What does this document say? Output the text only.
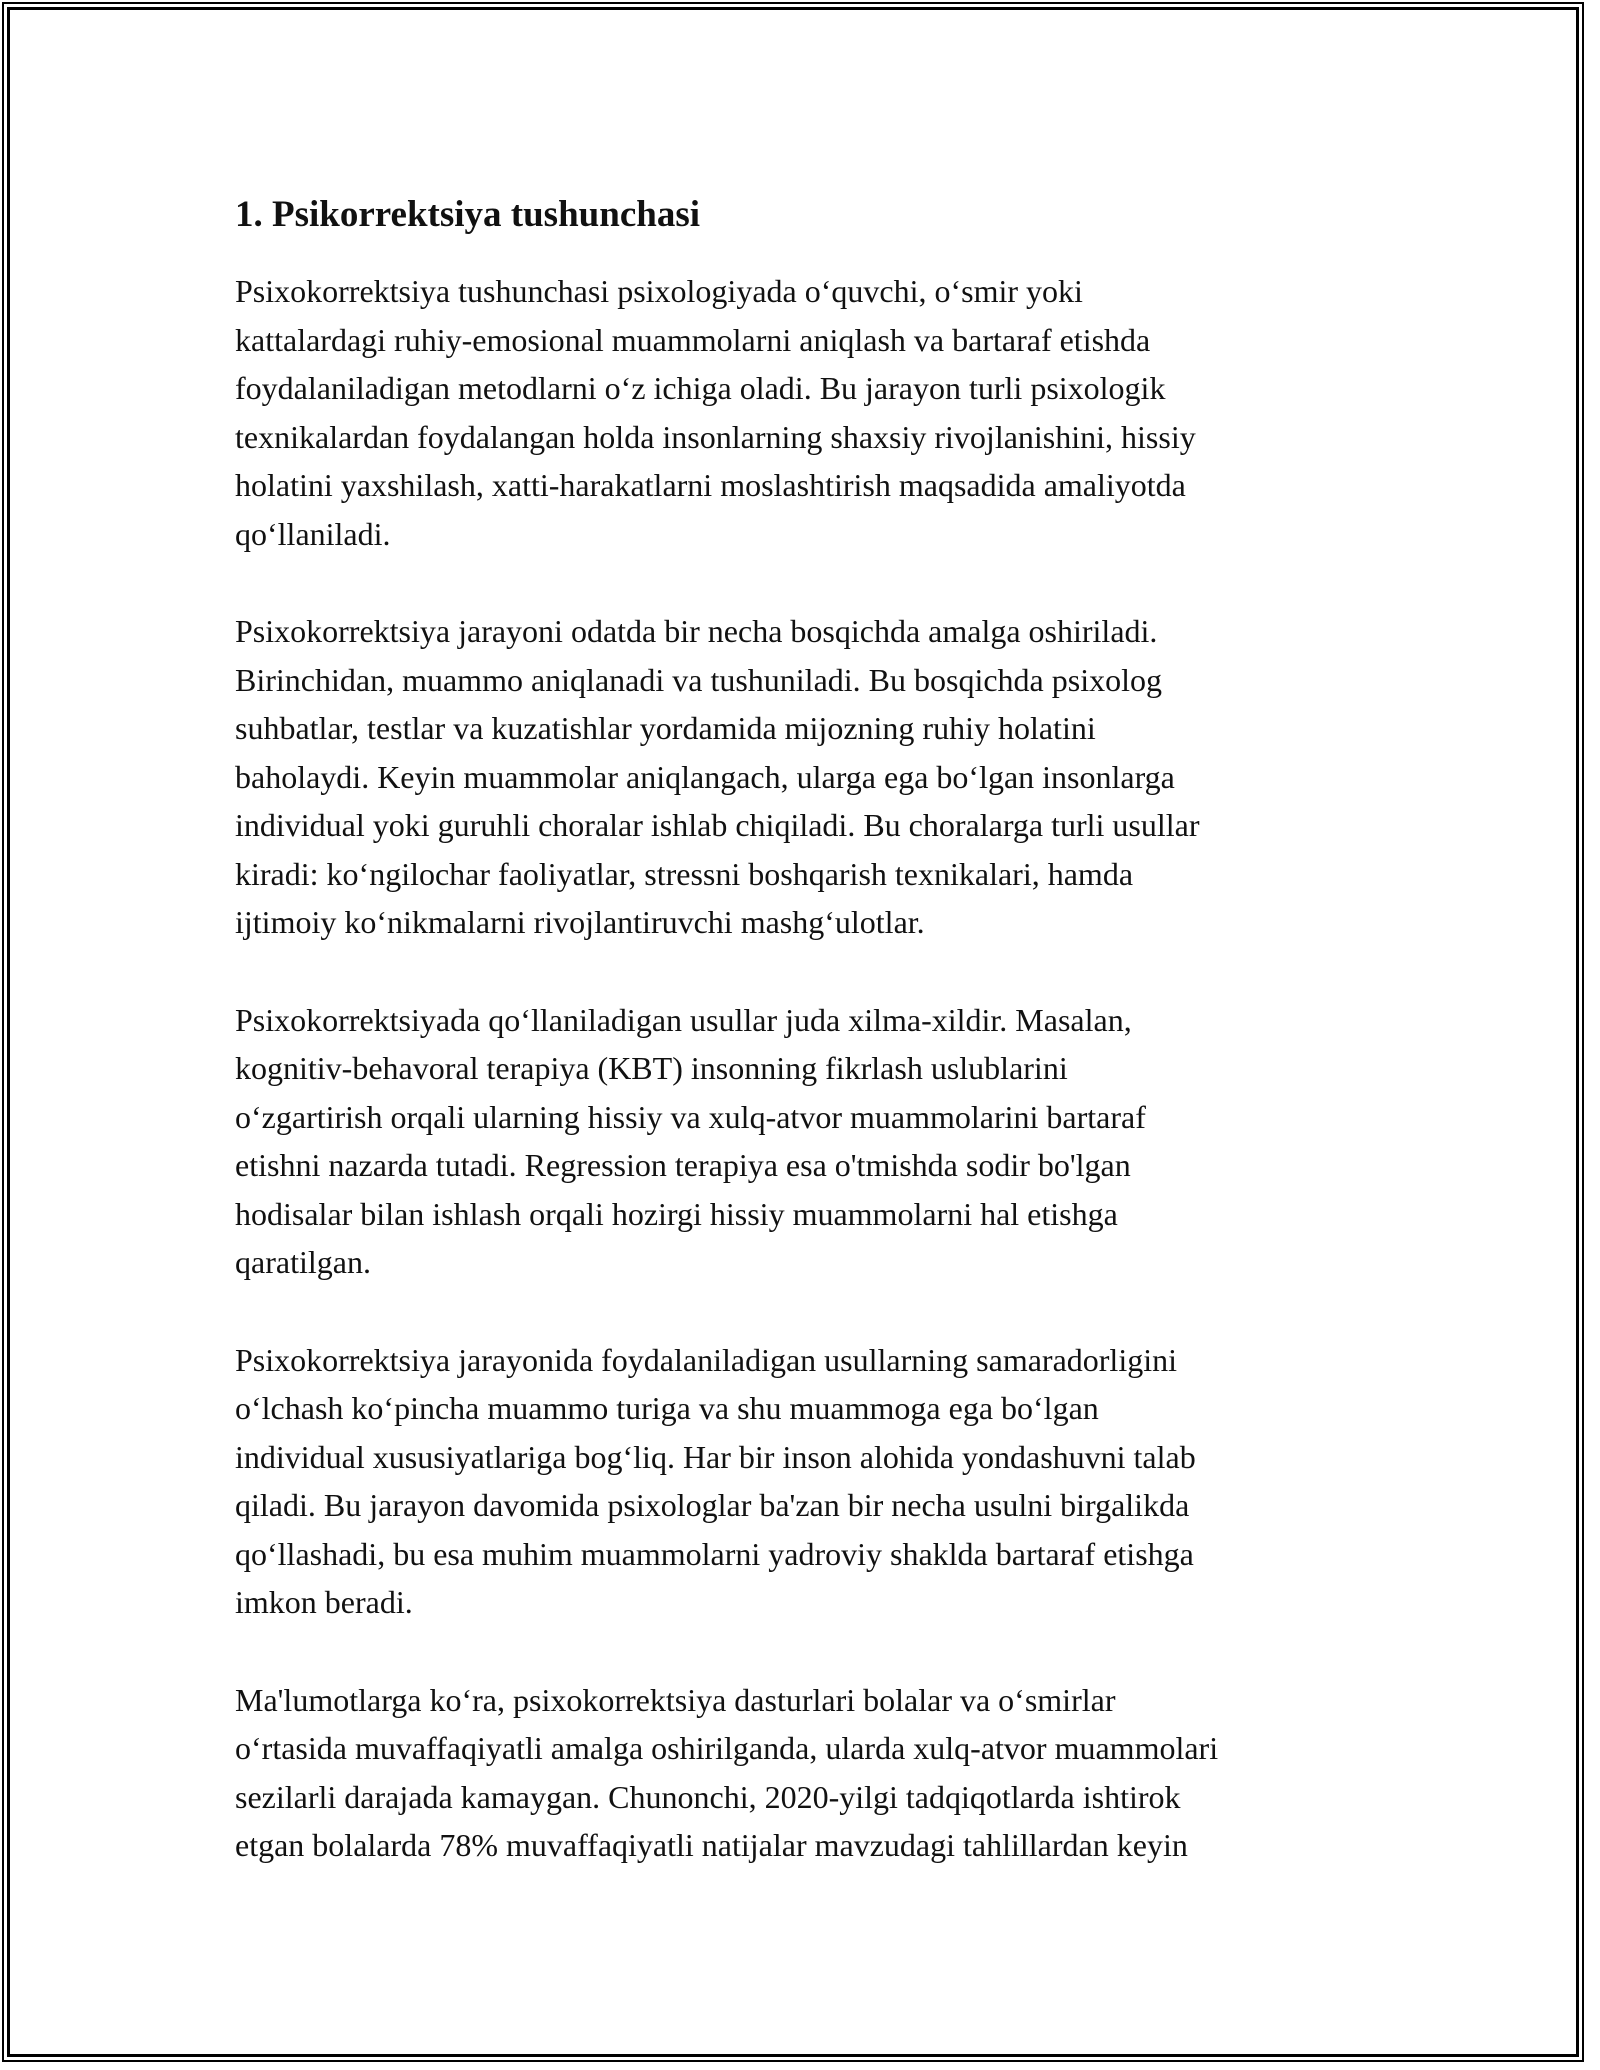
1. Psikorrektsiya tushunchasi

Psixokorrektsiya tushunchasi psixologiyada o‘quvchi, o‘smir yoki
kattalardagi ruhiy-emosional muammolarni aniqlash va bartaraf etishda
foydalaniladigan metodlarni o‘z ichiga oladi. Bu jarayon turli psixologik
texnikalardan foydalangan holda insonlarning shaxsiy rivojlanishini, hissiy
holatini yaxshilash, xatti-harakatlarni moslashtirish maqsadida amaliyotda
qo‘llaniladi.

Psixokorrektsiya jarayoni odatda bir necha bosqichda amalga oshiriladi.
Birinchidan, muammo aniqlanadi va tushuniladi. Bu bosqichda psixolog
suhbatlar, testlar va kuzatishlar yordamida mijozning ruhiy holatini
baholaydi. Keyin muammolar aniqlangach, ularga ega bo‘lgan insonlarga
individual yoki guruhli choralar ishlab chiqiladi. Bu choralarga turli usullar
kiradi: ko‘ngilochar faoliyatlar, stressni boshqarish texnikalari, hamda
ijtimoiy ko‘nikmalarni rivojlantiruvchi mashg‘ulotlar.

Psixokorrektsiyada qo‘llaniladigan usullar juda xilma-xildir. Masalan,
kognitiv-behavoral terapiya (KBT) insonning fikrlash uslublarini
o‘zgartirish orqali ularning hissiy va xulq-atvor muammolarini bartaraf
etishni nazarda tutadi. Regression terapiya esa o'tmishda sodir bo'lgan
hodisalar bilan ishlash orqali hozirgi hissiy muammolarni hal etishga
qaratilgan.

Psixokorrektsiya jarayonida foydalaniladigan usullarning samaradorligini
o‘lchash ko‘pincha muammo turiga va shu muammoga ega bo‘lgan
individual xususiyatlariga bog‘liq. Har bir inson alohida yondashuvni talab
qiladi. Bu jarayon davomida psixologlar ba'zan bir necha usulni birgalikda
qo‘llashadi, bu esa muhim muammolarni yadroviy shaklda bartaraf etishga
imkon beradi.

Ma'lumotlarga ko‘ra, psixokorrektsiya dasturlari bolalar va o‘smirlar
o‘rtasida muvaffaqiyatli amalga oshirilganda, ularda xulq-atvor muammolari
sezilarli darajada kamaygan. Chunonchi, 2020-yilgi tadqiqotlarda ishtirok
etgan bolalarda 78% muvaffaqiyatli natijalar mavzudagi tahlillardan keyin
